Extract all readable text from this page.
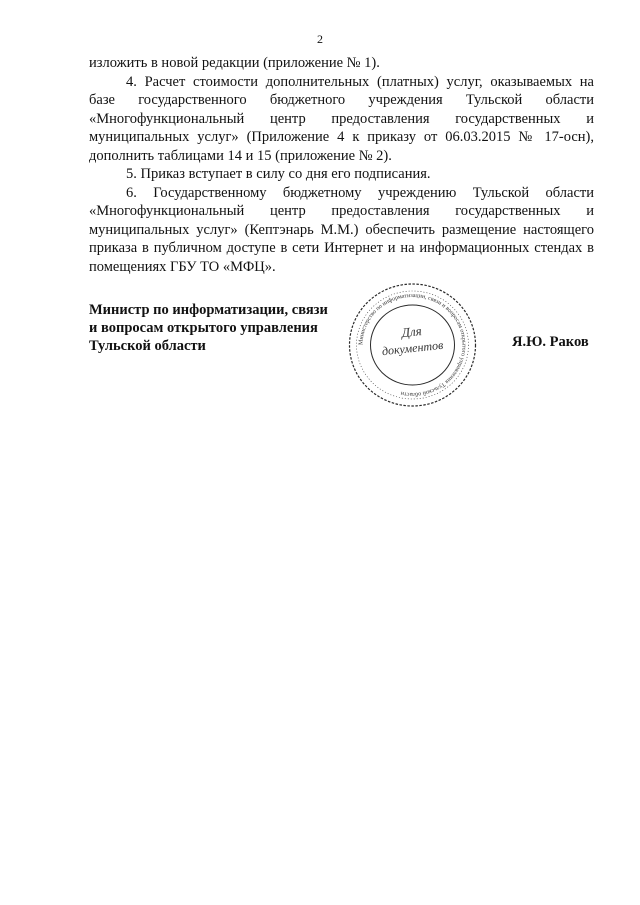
2

изложить в новой редакции (приложение № 1).

4. Расчет стоимости дополнительных (платных) услуг, оказываемых на базе государственного бюджетного учреждения Тульской области «Многофункциональный центр предоставления государственных и муниципальных услуг» (Приложение 4 к приказу от 06.03.2015 № 17-осн), дополнить таблицами 14 и 15 (приложение № 2).

5. Приказ вступает в силу со дня его подписания.

6. Государственному бюджетному учреждению Тульской области «Многофункциональный центр предоставления государственных и муниципальных услуг» (Кептэнарь М.М.) обеспечить размещение настоящего приказа в публичном доступе в сети Интернет и на информационных стендах в помещениях ГБУ ТО «МФЦ».

Министр по информатизации, связи
и вопросам открытого управления
Тульской области	Министерство по информатизации, связи и вопросам открытого управления Тульской области
Для
документов	Я.Ю. Раков
